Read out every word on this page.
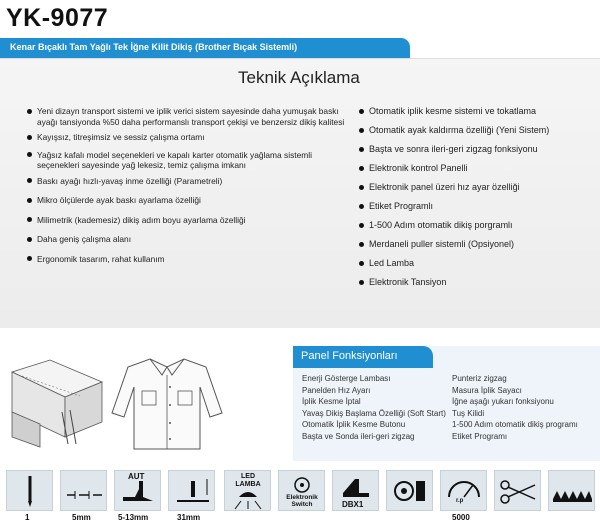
YK-9077
Kenar Bıçaklı Tam Yağlı Tek İğne Kilit Dikiş (Brother Bıçak Sistemli)
Teknik Açıklama
Yeni dizayn transport sistemi ve iplik verici sistem sayesinde daha yumuşak baskı ayağı tansiyonda %50 daha performanslı transport çekişi ve benzersiz dikiş kalitesi
Kayışsız, titreşimsiz ve sessiz çalışma ortamı
Yağsız kafalı model seçenekleri ve kapalı karter otomatik yağlama sistemli seçenekleri sayesinde yağ lekesiz, temiz çalışma imkanı
Baskı ayağı hızlı-yavaş inme özelliği (Parametreli)
Mikro ölçülerde ayak baskı ayarlama özelliği
Milimetrik (kademesiz) dikiş adım boyu ayarlama özelliği
Daha geniş çalışma alanı
Ergonomik tasarım, rahat kullanım
Otomatik iplik kesme sistemi ve tokatlama
Otomatik ayak kaldırma özelliği (Yeni Sistem)
Başta ve sonra ileri-geri zigzag fonksiyonu
Elektronik kontrol Panelli
Elektronik panel üzeri hız ayar özelliği
Etiket Programlı
1-500 Adım otomatik dikiş porgramlı
Merdaneli puller sistemli (Opsiyonel)
Led Lamba
Elektronik Tansiyon
Panel Fonksiyonları
Enerji Gösterge Lambası
Panelden Hız Ayarı
İplik Kesme İptal
Yavaş Dikiş Başlama Özelliği (Soft Start)
Otomatik İplik Kesme Butonu
Başta ve Sonda ileri-geri zigzag
Punteriz zigzag
Masura İplik Sayacı
İğne aşağı yukarı fonksiyonu
Tuş Kilidi
1-500 Adım otomatik dikiş programı
Etiket Programı
1	5mm
AUT
5-13mm	31mm
LED LAMBA
Elektronik Switch	DBX1	r.p
5000
